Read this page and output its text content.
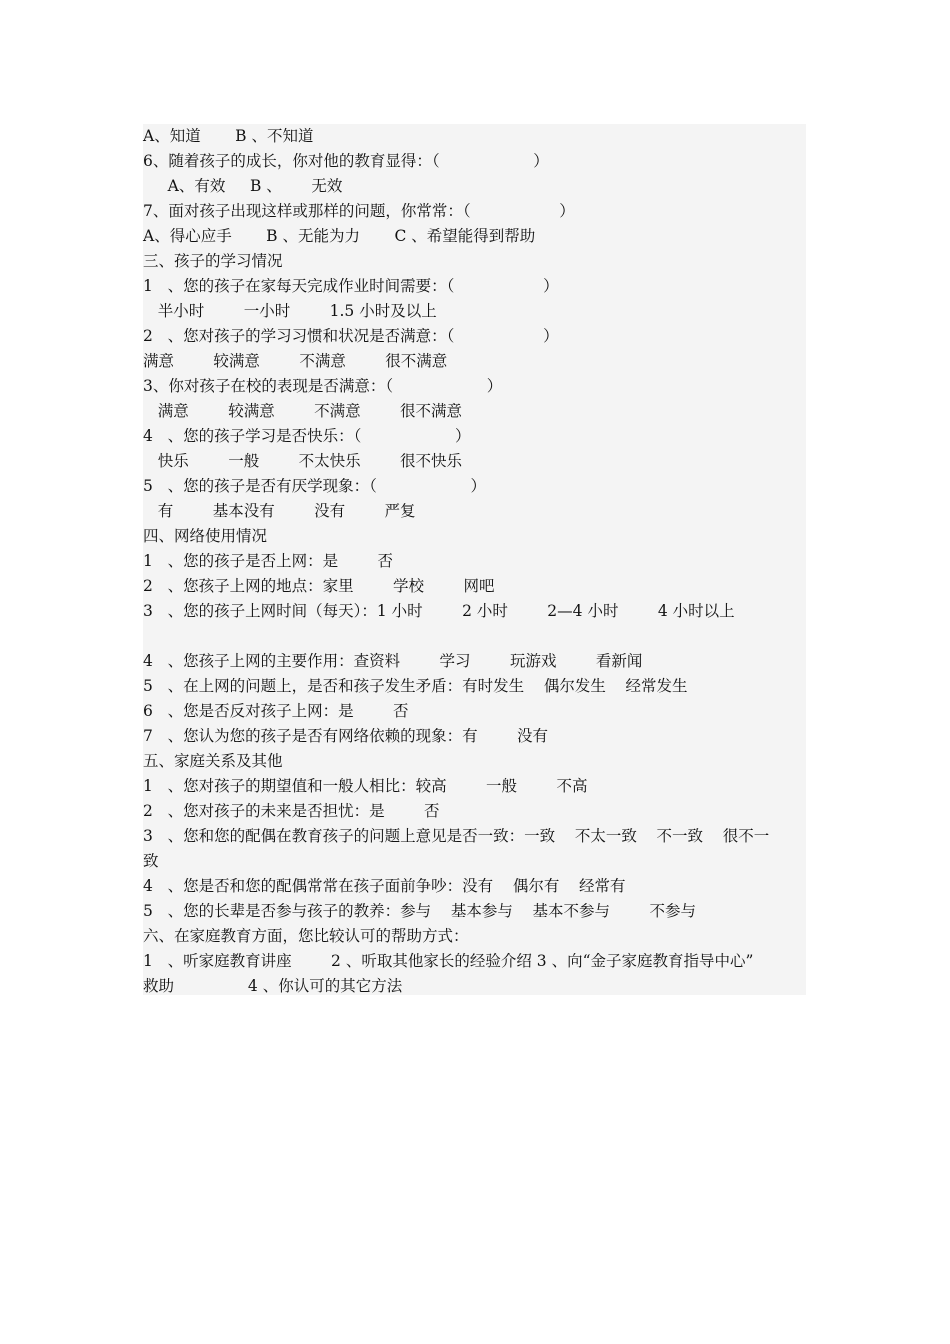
A、知道       B 、不知道
6、随着孩子的成长，你对他的教育显得：（                   ）
A、有效     B 、      无效
7、面对孩子出现这样或那样的问题，你常常：（                  ）
A、得心应手       B 、无能为力       C 、希望能得到帮助
三、孩子的学习情况
1   、您的孩子在家每天完成作业时间需要：（                  ）
半小时        一小时        1.5 小时及以上
2   、您对孩子的学习习惯和状况是否满意：（                  ）
满意        较满意        不满意        很不满意
3、你对孩子在校的表现是否满意：（                   ）
满意        较满意        不满意        很不满意
4   、您的孩子学习是否快乐：（                   ）
快乐        一般        不太快乐        很不快乐
5   、您的孩子是否有厌学现象：（                   ）
有        基本没有        没有        严复
四、网络使用情况
1   、您的孩子是否上网：是        否
2   、您孩子上网的地点：家里        学校        网吧
3   、您的孩子上网时间（每天）：1 小时        2 小时        2—4 小时        4 小时以上
4   、您孩子上网的主要作用：查资料        学习        玩游戏        看新闻
5   、在上网的问题上，是否和孩子发生矛盾：有时发生    偶尔发生    经常发生
6   、您是否反对孩子上网：是        否
7   、您认为您的孩子是否有网络依赖的现象：有        没有
五、家庭关系及其他
1   、您对孩子的期望值和一般人相比：较高        一般        不高
2   、您对孩子的未来是否担忧：是        否
3   、您和您的配偶在教育孩子的问题上意见是否一致：一致    不太一致    不一致    很不一
致
4   、您是否和您的配偶常常在孩子面前争吵：没有    偶尔有    经常有
5   、您的长辈是否参与孩子的教养：参与    基本参与    基本不参与        不参与
六、在家庭教育方面，您比较认可的帮助方式：
1   、听家庭教育讲座        2 、听取其他家长的经验介绍 3 、向“金子家庭教育指导中心”
救助               4 、你认可的其它方法
